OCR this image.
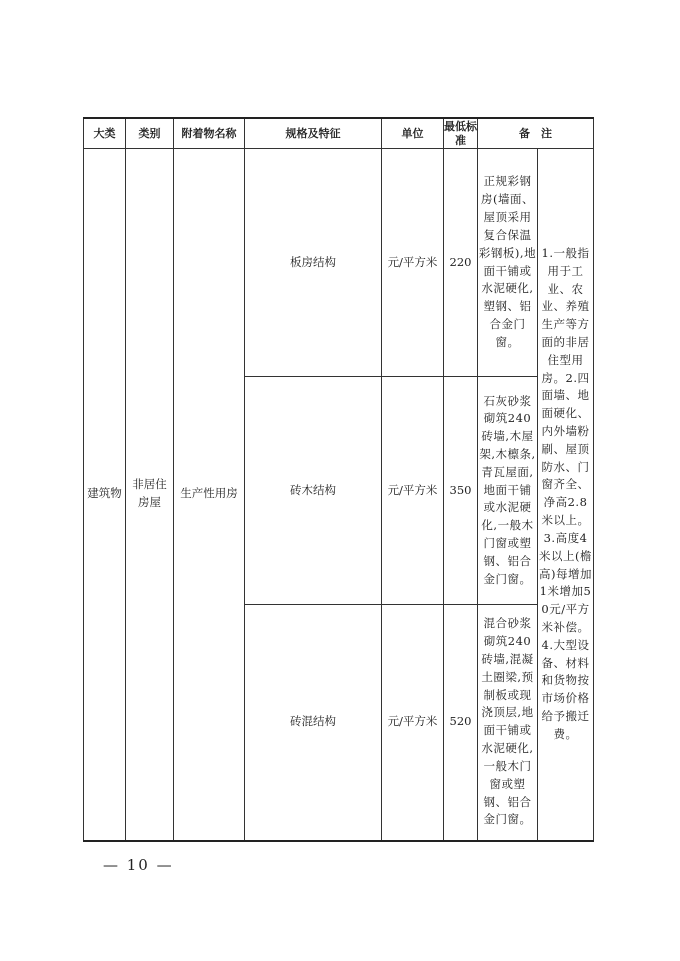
大类	类别	附着物名称	规格及特征	单位	最低标准	备　注	
建筑物	非居住房屋	生产性用房	板房结构	元/平方米	220	正规彩钢房(墙面、屋顶采用复合保温彩钢板),地面干铺或水泥硬化,塑钢、铝合金门窗。	1.一般指用于工业、农业、养殖生产等方面的非居住型用房。2.四面墙、地面硬化、内外墙粉刷、屋顶防水、门窗齐全、净高2.8米以上。3.高度4米以上(檐高)每增加1米增加50元/平方米补偿。4.大型设备、材料和货物按市场价格给予搬迁费。
			砖木结构	元/平方米	350	石灰砂浆砌筑240砖墙,木屋架,木檩条,青瓦屋面,地面干铺或水泥硬化,一般木门窗或塑钢、铝合金门窗。	
			砖混结构	元/平方米	520	混合砂浆砌筑240砖墙,混凝土圈梁,预制板或现浇顶层,地面干铺或水泥硬化,一般木门窗或塑钢、铝合金门窗。	
— 10 —
